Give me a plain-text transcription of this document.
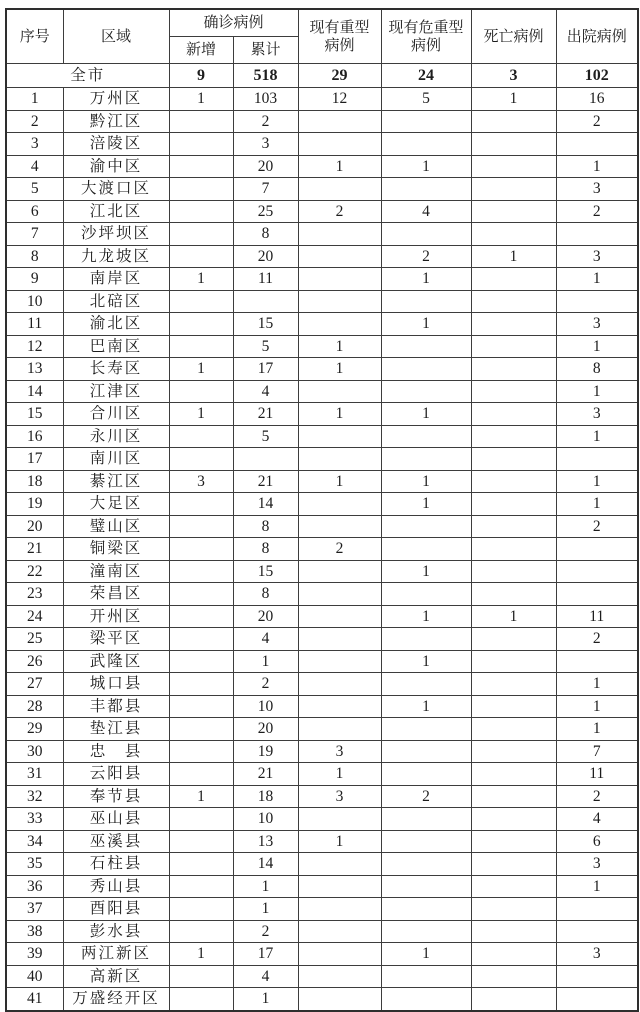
序号	区域	确诊病例		现有重型病例	现有危重型病例	死亡病例	出院病例
		新增	累计				
全市		9	518	29	24	3	102
1	万州区	1	103	12	5	1	16
2	黔江区		2				2
3	涪陵区		3				
4	渝中区		20	1	1		1
5	大渡口区		7				3
6	江北区		25	2	4		2
7	沙坪坝区		8				
8	九龙坡区		20		2	1	3
9	南岸区	1	11		1		1
10	北碚区						
11	渝北区		15		1		3
12	巴南区		5	1			1
13	长寿区	1	17	1			8
14	江津区		4				1
15	合川区	1	21	1	1		3
16	永川区		5				1
17	南川区						
18	綦江区	3	21	1	1		1
19	大足区		14		1		1
20	璧山区		8				2
21	铜梁区		8	2			
22	潼南区		15		1		
23	荣昌区		8				
24	开州区		20		1	1	11
25	梁平区		4				2
26	武隆区		1		1		
27	城口县		2				1
28	丰都县		10		1		1
29	垫江县		20				1
30	忠　县		19	3			7
31	云阳县		21	1			11
32	奉节县	1	18	3	2		2
33	巫山县		10				4
34	巫溪县		13	1			6
35	石柱县		14				3
36	秀山县		1				1
37	酉阳县		1				
38	彭水县		2				
39	两江新区	1	17		1		3
40	高新区		4				
41	万盛经开区		1				
